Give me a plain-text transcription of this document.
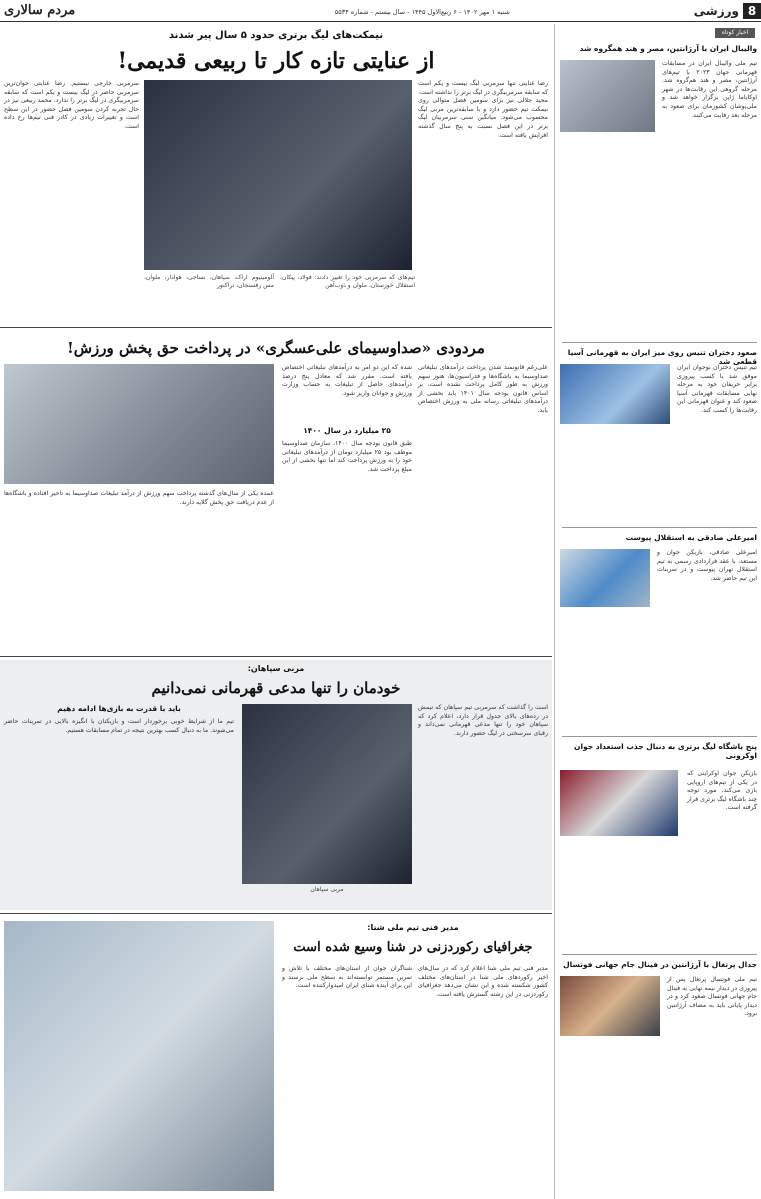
8
ورزشی
مردم سالاری	شنبه ۱ مهر ۱۴۰۲ - ۶ ربیع‌الاول ۱۴۴۵ - سال بیستم - شماره ۵۵۳۴
اخبار کوتاه
والیبال ایران با آرژانتین، مصر و هند همگروه شد
تیم ملی والیبال ایران در مسابقات قهرمانی جهان ۲۰۲۳ با تیم‌های آرژانتین، مصر و هند هم‌گروه شد. مرحله گروهی این رقابت‌ها در شهر اوکایاما ژاپن برگزار خواهد شد و ملی‌پوشان کشورمان برای صعود به مرحله بعد رقابت می‌کنند.
صعود دختران تنیس روی میز ایران به قهرمانی آسیا قطعی شد
تیم تنیس دختران نوجوان ایران موفق شد با کسب پیروزی برابر حریفان خود به مرحله نهایی مسابقات قهرمانی آسیا صعود کند و عنوان قهرمانی این رقابت‌ها را کسب کند.
امیرعلی صادقی به استقلال پیوست
امیرعلی صادقی، بازیکن جوان و مستعد، با عقد قراردادی رسمی به تیم استقلال تهران پیوست و در تمرینات این تیم حاضر شد.
پنج باشگاه لیگ برتری به دنبال جذب استعداد جوان اوکرونی
بازیکن جوان اوکراینی که در یکی از تیم‌های اروپایی بازی می‌کند، مورد توجه چند باشگاه لیگ برتری قرار گرفته است.
جدال پرتغال با آرژانتین در فینال جام جهانی فوتسال
تیم ملی فوتسال پرتغال پس از پیروزی در دیدار نیمه نهایی به فینال جام جهانی فوتسال صعود کرد و در دیدار پایانی باید به مصاف آرژانتین برود.
نیمکت‌های لیگ برتری حدود ۵ سال پیر شدند
از عنایتی تازه کار تا ربیعی قدیمی!
رضا عنایتی تنها سرمربی لیگ بیست و یکم است که سابقه سرمربیگری در لیگ برتر را نداشته است. مجید جلالی نیز برای سومین فصل متوالی روی نیمکت تیم حضور دارد و با سابقه‌ترین مربی لیگ محسوب می‌شود. میانگین سنی سرمربیان لیگ برتر در این فصل نسبت به پنج سال گذشته افزایش یافته است.
سرمربی خارجی نیستیم. رضا عنایتی جوان‌ترین سرمربی حاضر در لیگ بیست و یکم است که سابقه سرمربیگری در لیگ برتر را ندارد. محمد ربیعی نیز در حال تجربه کردن سومین فصل حضور در این سطح است و تغییرات زیادی در کادر فنی تیم‌ها رخ داده است.
تیم‌های که سرمربی خود را تغییر دادند: فولاد، پیکان، استقلال خوزستان، ملوان و ذوب‌آهن
آلومینیوم اراک، سپاهان، نساجی، هوادار، ملوان، مس رفسنجان، تراکتور
مردودی «صداوسیمای علی‌عسگری» در پرداخت حق پخش ورزش!
علی‌رغم قانونمند شدن پرداخت درآمدهای تبلیغاتی صداوسیما به باشگاه‌ها و فدراسیون‌ها، هنوز سهم ورزش به طور کامل پرداخت نشده است. بر اساس قانون بودجه سال ۱۴۰۱ باید بخشی از درآمدهای تبلیغاتی رسانه ملی به ورزش اختصاص یابد.
شده که این دو امر به درآمدهای تبلیغاتی اختصاص یافته است. مقرر شد که معادل پنج درصد درآمدهای حاصل از تبلیغات به حساب وزارت ورزش و جوانان واریز شود.
۲۵ میلیارد در سال ۱۴۰۰
طبق قانون بودجه سال ۱۴۰۰، سازمان صداوسیما موظف بود ۲۵ میلیارد تومان از درآمدهای تبلیغاتی خود را به ورزش پرداخت کند اما تنها بخشی از این مبلغ پرداخت شد.
عمده یکی از سال‌های گذشته پرداخت سهم ورزش از درآمد تبلیغات صداوسیما به تاخیر افتاده و باشگاه‌ها از عدم دریافت حق پخش گلایه دارند.
مربی سپاهان:
خودمان را تنها مدعی قهرمانی نمی‌دانیم
است را گذاشت که سرمربی تیم سپاهان که تیمش در رده‌های بالای جدول قرار دارد، اعلام کرد که سپاهان خود را تنها مدعی قهرمانی نمی‌داند و رقبای سرسختی در لیگ حضور دارند.
مربی سپاهان
باید با قدرت به بازی‌ها ادامه دهیم
تیم ما از شرایط خوبی برخوردار است و بازیکنان با انگیزه بالایی در تمرینات حاضر می‌شوند. ما به دنبال کسب بهترین نتیجه در تمام مسابقات هستیم.
مدیر فنی تیم ملی شنا:
جغرافیای رکوردزنی در شنا وسیع شده است
مدیر فنی تیم ملی شنا اعلام کرد که در سال‌های اخیر رکوردهای ملی شنا در استان‌های مختلف کشور شکسته شده و این نشان می‌دهد جغرافیای رکوردزنی در این رشته گسترش یافته است.
شناگران جوان از استان‌های مختلف با تلاش و تمرین مستمر توانسته‌اند به سطح ملی برسند و این برای آینده شنای ایران امیدوارکننده است.
